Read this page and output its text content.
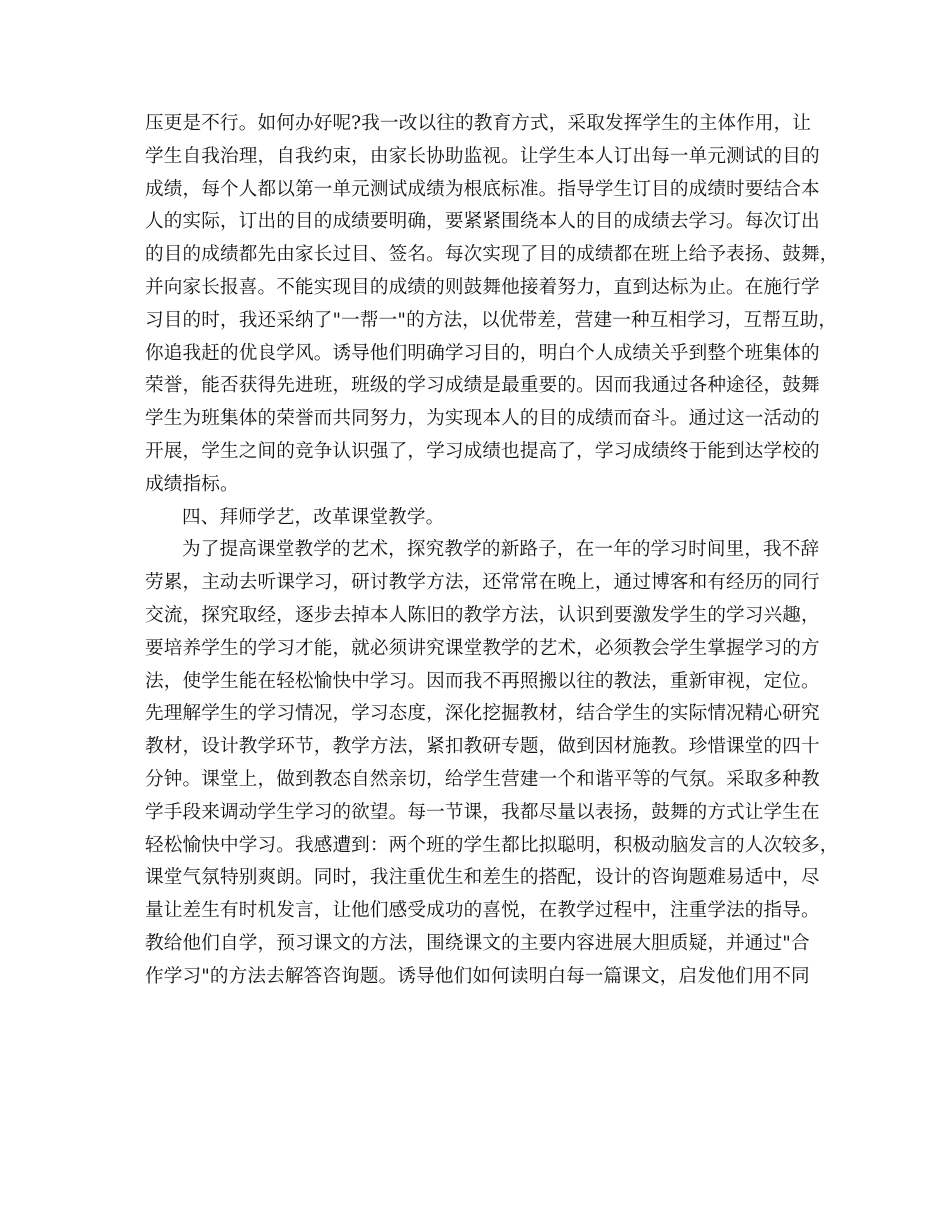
压更是不行。如何办好呢?我一改以往的教育方式，采取发挥学生的主体作用，让
学生自我治理，自我约束，由家长协助监视。让学生本人订出每一单元测试的目的
成绩，每个人都以第一单元测试成绩为根底标准。指导学生订目的成绩时要结合本
人的实际，订出的目的成绩要明确，要紧紧围绕本人的目的成绩去学习。每次订出
的目的成绩都先由家长过目、签名。每次实现了目的成绩都在班上给予表扬、鼓舞，
并向家长报喜。不能实现目的成绩的则鼓舞他接着努力，直到达标为止。在施行学
习目的时，我还采纳了"一帮一"的方法，以优带差，营建一种互相学习，互帮互助，
你追我赶的优良学风。诱导他们明确学习目的，明白个人成绩关乎到整个班集体的
荣誉，能否获得先进班，班级的学习成绩是最重要的。因而我通过各种途径，鼓舞
学生为班集体的荣誉而共同努力，为实现本人的目的成绩而奋斗。通过这一活动的
开展，学生之间的竞争认识强了，学习成绩也提高了，学习成绩终于能到达学校的
成绩指标。
四、拜师学艺，改革课堂教学。
为了提高课堂教学的艺术，探究教学的新路子，在一年的学习时间里，我不辞
劳累，主动去听课学习，研讨教学方法，还常常在晚上，通过博客和有经历的同行
交流，探究取经，逐步去掉本人陈旧的教学方法，认识到要激发学生的学习兴趣，
要培养学生的学习才能，就必须讲究课堂教学的艺术，必须教会学生掌握学习的方
法，使学生能在轻松愉快中学习。因而我不再照搬以往的教法，重新审视，定位。
先理解学生的学习情况，学习态度，深化挖掘教材，结合学生的实际情况精心研究
教材，设计教学环节，教学方法，紧扣教研专题，做到因材施教。珍惜课堂的四十
分钟。课堂上，做到教态自然亲切，给学生营建一个和谐平等的气氛。采取多种教
学手段来调动学生学习的欲望。每一节课，我都尽量以表扬，鼓舞的方式让学生在
轻松愉快中学习。我感遭到：两个班的学生都比拟聪明，积极动脑发言的人次较多，
课堂气氛特别爽朗。同时，我注重优生和差生的搭配，设计的咨询题难易适中，尽
量让差生有时机发言，让他们感受成功的喜悦，在教学过程中，注重学法的指导。
教给他们自学，预习课文的方法，围绕课文的主要内容进展大胆质疑，并通过"合
作学习"的方法去解答咨询题。诱导他们如何读明白每一篇课文，启发他们用不同
